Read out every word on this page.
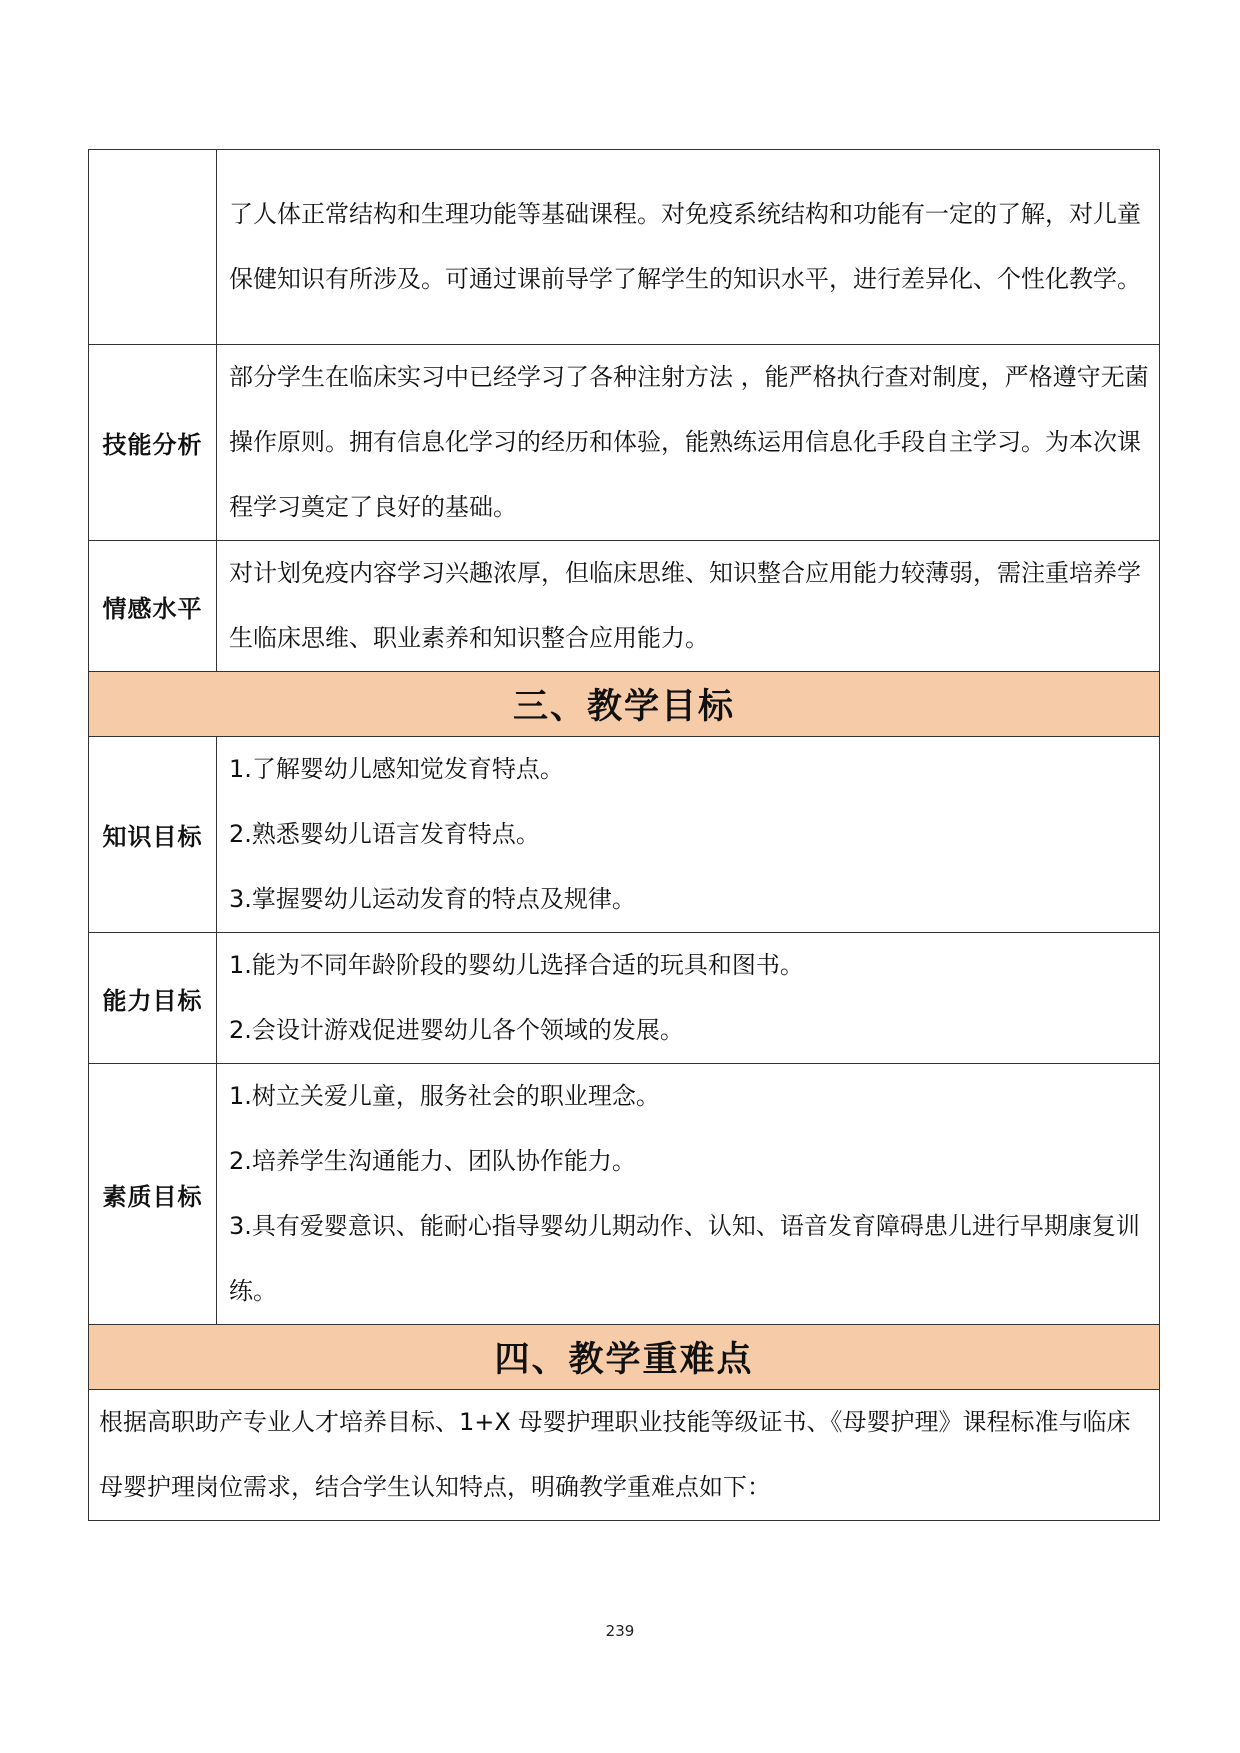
	了人体正常结构和生理功能等基础课程。对免疫系统结构和功能有一定的了解，对儿童保健知识有所涉及。可通过课前导学了解学生的知识水平，进行差异化、个性化教学。
技能分析	部分学生在临床实习中已经学习了各种注射方法 ，能严格执行查对制度，严格遵守无菌操作原则。拥有信息化学习的经历和体验，能熟练运用信息化手段自主学习。为本次课程学习奠定了良好的基础。
情感水平	对计划免疫内容学习兴趣浓厚，但临床思维、知识整合应用能力较薄弱，需注重培养学生临床思维、职业素养和知识整合应用能力。
三、教学目标	
知识目标	1.了解婴幼儿感知觉发育特点。

2.熟悉婴幼儿语言发育特点。

3.掌握婴幼儿运动发育的特点及规律。

能力目标	1.能为不同年龄阶段的婴幼儿选择合适的玩具和图书。

2.会设计游戏促进婴幼儿各个领域的发展。

素质目标	1.树立关爱儿童，服务社会的职业理念。

2.培养学生沟通能力、团队协作能力。

3.具有爱婴意识、能耐心指导婴幼儿期动作、认知、语音发育障碍患儿进行早期康复训练。

四、教学重难点	
根据高职助产专业人才培养目标、1+X 母婴护理职业技能等级证书、《母婴护理》课程标准与临床母婴护理岗位需求，结合学生认知特点，明确教学重难点如下：	
239
